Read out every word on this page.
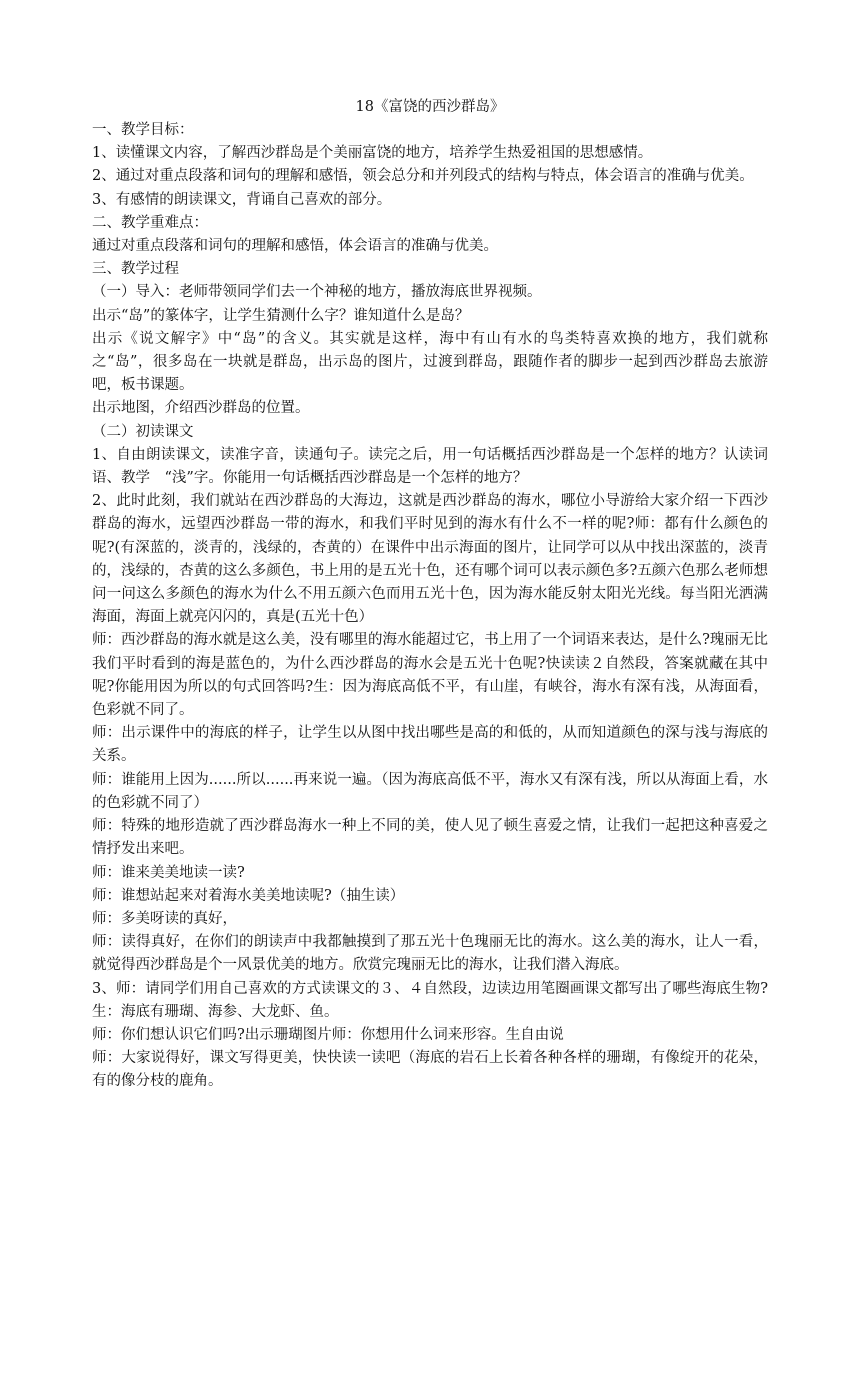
18《富饶的西沙群岛》

一、教学目标：

1、读懂课文内容，了解西沙群岛是个美丽富饶的地方，培养学生热爱祖国的思想感情。

2、通过对重点段落和词句的理解和感悟，领会总分和并列段式的结构与特点，体会语言的准确与优美。

3、有感情的朗读课文，背诵自己喜欢的部分。

二、教学重难点：

通过对重点段落和词句的理解和感悟，体会语言的准确与优美。

三、教学过程

（一）导入：老师带领同学们去一个神秘的地方，播放海底世界视频。

出示“岛”的篆体字，让学生猜测什么字？谁知道什么是岛？

出示《说文解字》中“岛”的含义。其实就是这样，海中有山有水的鸟类特喜欢换的地方，我们就称之“岛”，很多岛在一块就是群岛，出示岛的图片，过渡到群岛，跟随作者的脚步一起到西沙群岛去旅游吧，板书课题。

出示地图，介绍西沙群岛的位置。

（二）初读课文

1、自由朗读课文，读准字音，读通句子。读完之后，用一句话概括西沙群岛是一个怎样的地方？认读词语、教学　“浅”字。你能用一句话概括西沙群岛是一个怎样的地方？

2、此时此刻，我们就站在西沙群岛的大海边，这就是西沙群岛的海水，哪位小导游给大家介绍一下西沙群岛的海水，远望西沙群岛一带的海水，和我们平时见到的海水有什么不一样的呢?师：都有什么颜色的呢?(有深蓝的，淡青的，浅绿的，杏黄的）在课件中出示海面的图片，让同学可以从中找出深蓝的，淡青的，浅绿的，杏黄的这么多颜色，书上用的是五光十色，还有哪个词可以表示颜色多?五颜六色那么老师想问一问这么多颜色的海水为什么不用五颜六色而用五光十色，因为海水能反射太阳光光线。每当阳光洒满海面，海面上就亮闪闪的，真是(五光十色）

师：西沙群岛的海水就是这么美，没有哪里的海水能超过它，书上用了一个词语来表达，是什么?瑰丽无比我们平时看到的海是蓝色的，为什么西沙群岛的海水会是五光十色呢?快读读２自然段，答案就藏在其中呢?你能用因为所以的句式回答吗?生：因为海底高低不平，有山崖，有峡谷，海水有深有浅，从海面看，色彩就不同了。

师：出示课件中的海底的样子，让学生以从图中找出哪些是高的和低的，从而知道颜色的深与浅与海底的关系。

师：谁能用上因为......所以......再来说一遍。（因为海底高低不平，海水又有深有浅，所以从海面上看，水的色彩就不同了）

师：特殊的地形造就了西沙群岛海水一种上不同的美，使人见了顿生喜爱之情，让我们一起把这种喜爱之情抒发出来吧。

师：谁来美美地读一读?

师：谁想站起来对着海水美美地读呢?（抽生读）

师：多美呀读的真好，

师：读得真好，在你们的朗读声中我都触摸到了那五光十色瑰丽无比的海水。这么美的海水，让人一看，就觉得西沙群岛是个一风景优美的地方。欣赏完瑰丽无比的海水，让我们潜入海底。

3、师：请同学们用自己喜欢的方式读课文的３、４自然段，边读边用笔圈画课文都写出了哪些海底生物?生：海底有珊瑚、海参、大龙虾、鱼。

师：你们想认识它们吗?出示珊瑚图片师：你想用什么词来形容。生自由说

师：大家说得好，课文写得更美，快快读一读吧（海底的岩石上长着各种各样的珊瑚，有像绽开的花朵，有的像分枝的鹿角。
